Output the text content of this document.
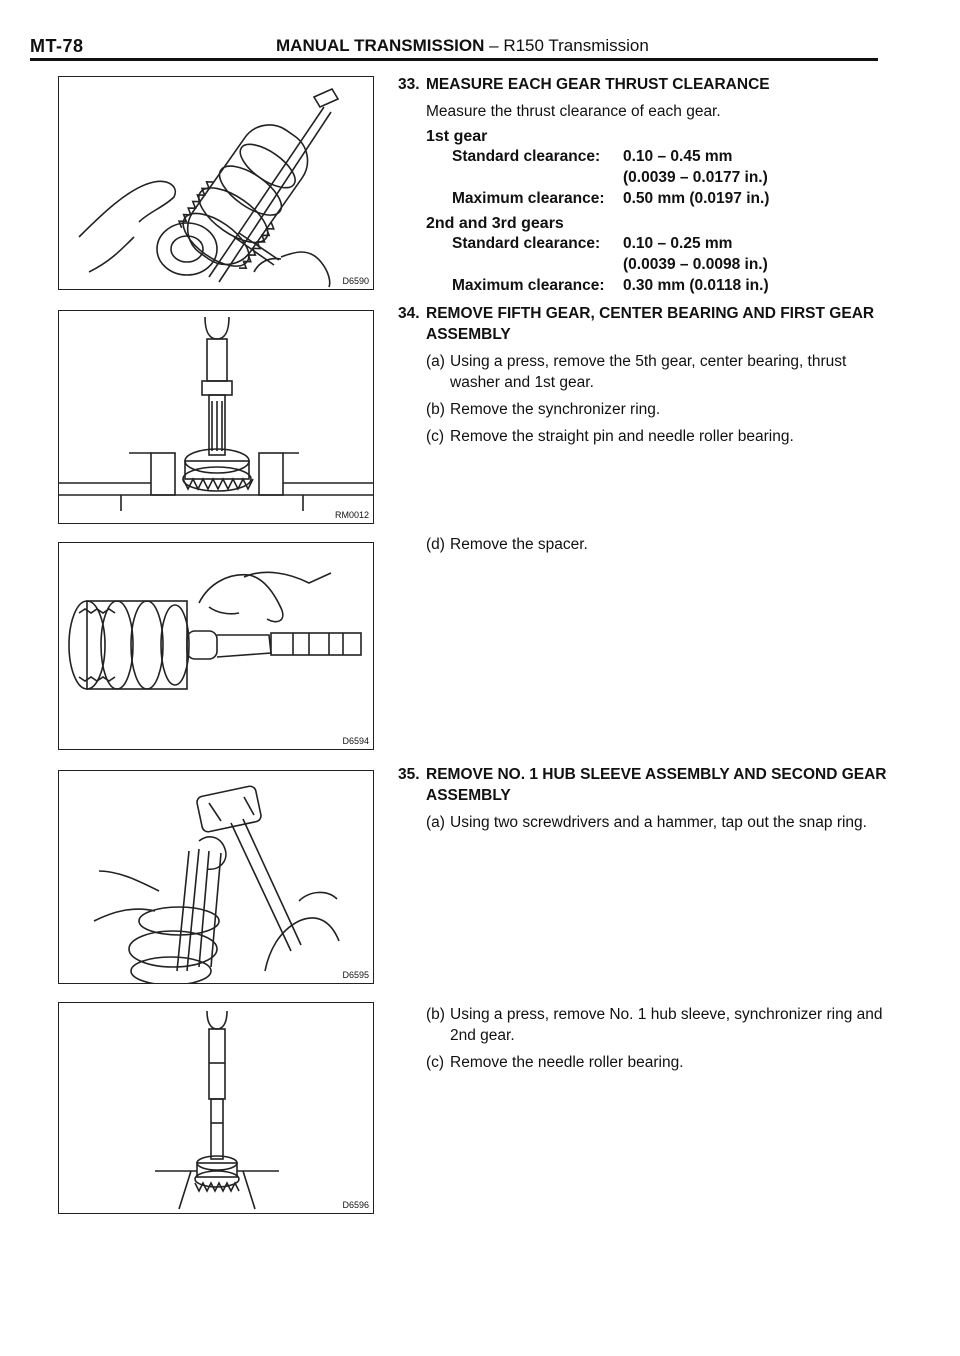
MT-78	MANUAL TRANSMISSION – R150 Transmission
D6590
RM0012
D6594
D6595
D6596
33. MEASURE EACH GEAR THRUST CLEARANCE
Measure the thrust clearance of each gear.
1st gear
Standard clearance: 0.10 – 0.45 mm
(0.0039 – 0.0177 in.)
Maximum clearance: 0.50 mm (0.0197 in.)
2nd and 3rd gears
Standard clearance: 0.10 – 0.25 mm
(0.0039 – 0.0098 in.)
Maximum clearance: 0.30 mm (0.0118 in.)
34. REMOVE FIFTH GEAR, CENTER BEARING AND FIRST GEAR ASSEMBLY
(a) Using a press, remove the 5th gear, center bearing, thrust washer and 1st gear.
(b) Remove the synchronizer ring.
(c) Remove the straight pin and needle roller bearing.
(d) Remove the spacer.
35. REMOVE NO. 1 HUB SLEEVE ASSEMBLY AND SECOND GEAR ASSEMBLY
(a) Using two screwdrivers and a hammer, tap out the snap ring.
(b) Using a press, remove No. 1 hub sleeve, synchronizer ring and 2nd gear.
(c) Remove the needle roller bearing.
